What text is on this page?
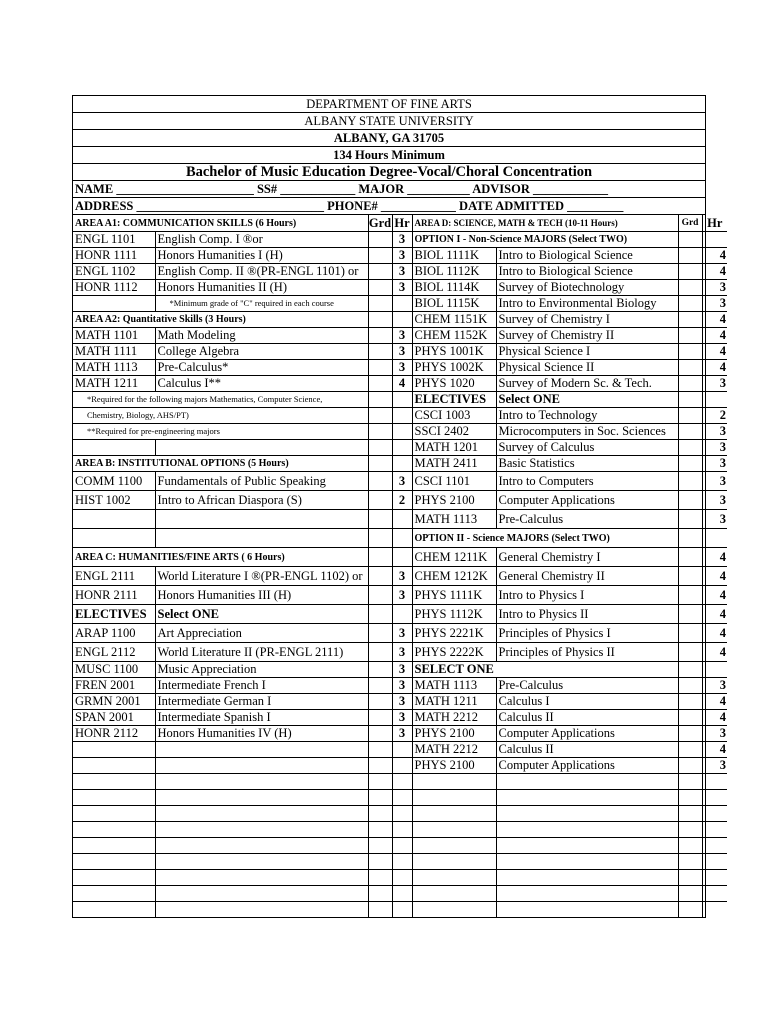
DEPARTMENT OF FINE ARTS
ALBANY STATE UNIVERSITY
ALBANY, GA 31705
134 Hours Minimum
Bachelor of Music Education Degree-Vocal/Choral Concentration
NAME ______________________ SS# ____________ MAJOR __________ ADVISOR ____________
ADDRESS ______________________________ PHONE# ____________ DATE ADMITTED _________
AREA A1: COMMUNICATION SKILLS (6 Hours)		Grd	Hr	AREA D: SCIENCE, MATH & TECH (10-11 Hours)		Grd	Hr
ENGL 1101	English Comp. I ®or		3	OPTION I - Non-Science MAJORS (Select TWO)			
HONR 1111	Honors Humanities I (H)		3	BIOL 1111K	Intro to Biological Science		4
ENGL 1102	English Comp. II ®(PR-ENGL 1101) or		3	BIOL 1112K	Intro to Biological Science		4
HONR 1112	Honors Humanities II (H)		3	BIOL 1114K	Survey of Biotechnology		3
	*Minimum grade of "C" required in each course			BIOL 1115K	Intro to Environmental Biology		3
AREA A2: Quantitative Skills (3 Hours)				CHEM 1151K	Survey of Chemistry I		4
MATH 1101	Math Modeling		3	CHEM 1152K	Survey of Chemistry II		4
MATH 1111	College Algebra		3	PHYS 1001K	Physical Science I		4
MATH 1113	Pre-Calculus*		3	PHYS 1002K	Physical Science II		4
MATH 1211	Calculus I**		4	PHYS 1020	Survey of Modern Sc. & Tech.		3
*Required for the following majors Mathematics, Computer Science,				ELECTIVES	Select ONE		
Chemistry, Biology, AHS/PT)				CSCI 1003	Intro to Technology		2
**Required for pre-engineering majors				SSCI 2402	Microcomputers in Soc. Sciences		3
				MATH 1201	Survey of Calculus		3
AREA B: INSTITUTIONAL OPTIONS (5 Hours)				MATH 2411	Basic Statistics		3
COMM 1100	Fundamentals of Public Speaking		3	CSCI 1101	Intro to Computers		3
HIST 1002	Intro to African Diaspora (S)		2	PHYS 2100	Computer Applications		3
				MATH 1113	Pre-Calculus		3
				OPTION II - Science MAJORS (Select TWO)			
AREA C: HUMANITIES/FINE ARTS ( 6 Hours)				CHEM 1211K	General Chemistry I		4
ENGL 2111	World Literature I ®(PR-ENGL 1102) or		3	CHEM 1212K	General Chemistry II		4
HONR 2111	Honors Humanities III (H)		3	PHYS 1111K	Intro to Physics I		4
ELECTIVES	Select ONE			PHYS 1112K	Intro to Physics II		4
ARAP 1100	Art Appreciation		3	PHYS 2221K	Principles of Physics I		4
ENGL 2112	World Literature II (PR-ENGL 2111)		3	PHYS 2222K	Principles of Physics II		4
MUSC 1100	Music Appreciation		3	SELECT ONE			
FREN 2001	Intermediate French I		3	MATH 1113	Pre-Calculus		3
GRMN 2001	Intermediate German I		3	MATH 1211	Calculus I		4
SPAN 2001	Intermediate Spanish I		3	MATH 2212	Calculus II		4
HONR 2112	Honors Humanities IV (H)		3	PHYS 2100	Computer Applications		3
				MATH 2212	Calculus II		4
				PHYS 2100	Computer Applications		3
